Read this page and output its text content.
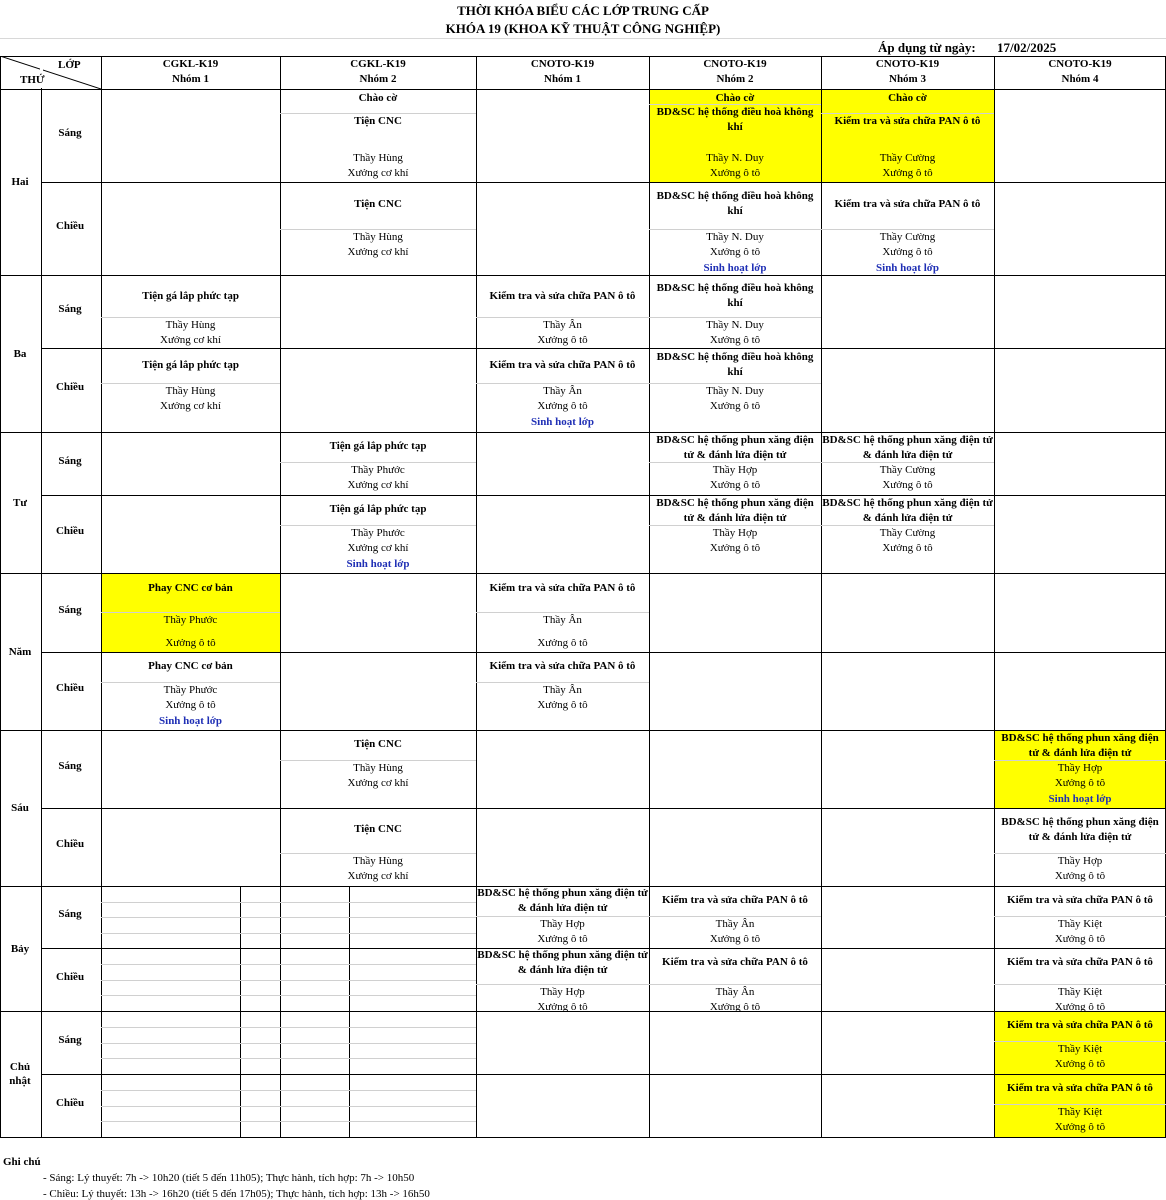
THỜI KHÓA BIỂU CÁC LỚP TRUNG CẤP
KHÓA 19 (KHOA KỸ THUẬT CÔNG NGHIỆP)
Áp dụng từ ngày: 17/02/2025
LỚP
THỨ
CGKL-K19
Nhóm 1
CGKL-K19
Nhóm 2
CNOTO-K19
Nhóm 1
CNOTO-K19
Nhóm 2
CNOTO-K19
Nhóm 3
CNOTO-K19
Nhóm 4
Hai
Ba
Tư
Năm
Sáu
Bảy
Chủ nhật
Sáng
Chiều
Sáng
Chiều
Sáng
Chiều
Sáng
Chiều
Sáng
Chiều
Sáng
Chiều
Sáng
Chiều
Chào cờ
Tiện CNC
Thầy Hùng
Xưởng cơ khí
Chào cờ
BD&SC hệ thống điều hoà không khí
Thầy N. Duy
Xưởng ô tô
Chào cờ
Kiểm tra và sửa chữa PAN ô tô
Thầy Cường
Xưởng ô tô
Tiện CNC
Thầy Hùng
Xưởng cơ khí
BD&SC hệ thống điều hoà không khí
Thầy N. Duy
Xưởng ô tô
Sinh hoạt lớp
Kiểm tra và sửa chữa PAN ô tô
Thầy Cường
Xưởng ô tô
Sinh hoạt lớp
Tiện gá lắp phức tạp
Thầy Hùng
Xưởng cơ khí
Kiểm tra và sửa chữa PAN ô tô
Thầy Ân
Xưởng ô tô
BD&SC hệ thống điều hoà không khí
Thầy N. Duy
Xưởng ô tô
Tiện gá lắp phức tạp
Thầy Hùng
Xưởng cơ khí
Kiểm tra và sửa chữa PAN ô tô
Thầy Ân
Xưởng ô tô
Sinh hoạt lớp
BD&SC hệ thống điều hoà không khí
Thầy N. Duy
Xưởng ô tô
Tiện gá lắp phức tạp
Thầy Phước
Xưởng cơ khí
BD&SC hệ thống phun xăng điện tử & đánh lửa điện tử
Thầy Hợp
Xưởng ô tô
BD&SC hệ thống phun xăng điện tử & đánh lửa điện tử
Thầy Cường
Xưởng ô tô
Tiện gá lắp phức tạp
Thầy Phước
Xưởng cơ khí
Sinh hoạt lớp
BD&SC hệ thống phun xăng điện tử & đánh lửa điện tử
Thầy Hợp
Xưởng ô tô
BD&SC hệ thống phun xăng điện tử & đánh lửa điện tử
Thầy Cường
Xưởng ô tô
Phay CNC cơ bản
Thầy Phước
Xưởng ô tô
Kiểm tra và sửa chữa PAN ô tô
Thầy Ân
Xưởng ô tô
Phay CNC cơ bản
Thầy Phước
Xưởng ô tô
Sinh hoạt lớp
Kiểm tra và sửa chữa PAN ô tô
Thầy Ân
Xưởng ô tô
Tiện CNC
Thầy Hùng
Xưởng cơ khí
BD&SC hệ thống phun xăng điện tử & đánh lửa điện tử
Thầy Hợp
Xưởng ô tô
Sinh hoạt lớp
Tiện CNC
Thầy Hùng
Xưởng cơ khí
BD&SC hệ thống phun xăng điện tử & đánh lửa điện tử
Thầy Hợp
Xưởng ô tô
BD&SC hệ thống phun xăng điện tử & đánh lửa điện tử
Thầy Hợp
Xưởng ô tô
Kiểm tra và sửa chữa PAN ô tô
Thầy Ân
Xưởng ô tô
Kiểm tra và sửa chữa PAN ô tô
Thầy Kiệt
Xưởng ô tô
BD&SC hệ thống phun xăng điện tử & đánh lửa điện tử
Thầy Hợp
Xưởng ô tô
Kiểm tra và sửa chữa PAN ô tô
Thầy Ân
Xưởng ô tô
Kiểm tra và sửa chữa PAN ô tô
Thầy Kiệt
Xưởng ô tô
Kiểm tra và sửa chữa PAN ô tô
Thầy Kiệt
Xưởng ô tô
Kiểm tra và sửa chữa PAN ô tô
Thầy Kiệt
Xưởng ô tô
Ghi chú
- Sáng: Lý thuyết: 7h -> 10h20 (tiết 5 đến 11h05); Thực hành, tích hợp: 7h -> 10h50
- Chiều: Lý thuyết: 13h -> 16h20 (tiết 5 đến 17h05); Thực hành, tích hợp: 13h -> 16h50
